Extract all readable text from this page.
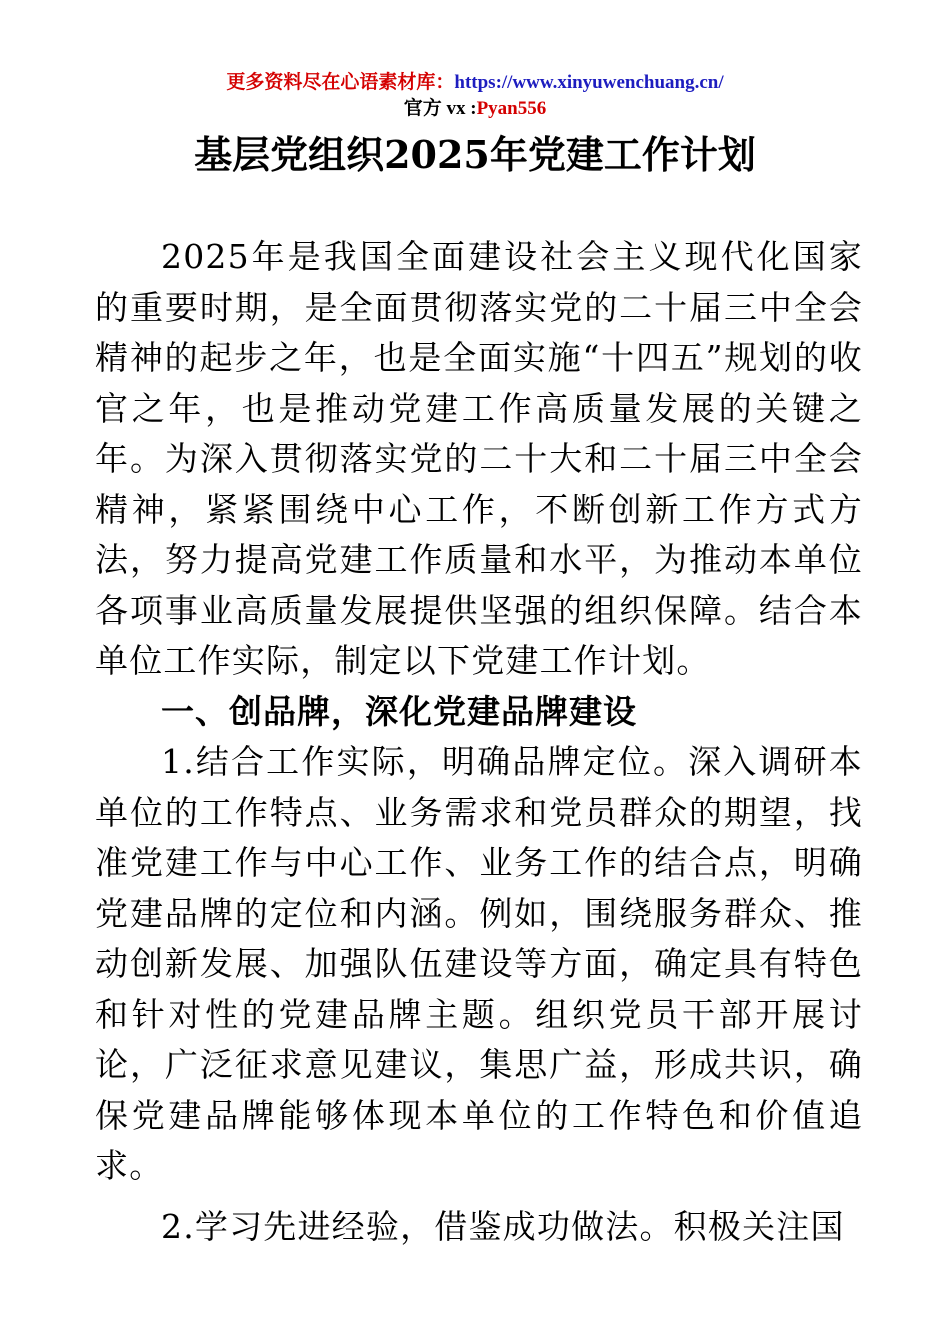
更多资料尽在心语素材库：https://www.xinyuwenchuang.cn/
官方 vx :Pyan556
基层党组织2025年党建工作计划

2025年是我国全面建设社会主义现代化国家的重要时期，是全面贯彻落实党的二十届三中全会精神的起步之年，也是全面实施“十四五”规划的收官之年，也是推动党建工作高质量发展的关键之年。为深入贯彻落实党的二十大和二十届三中全会精神，紧紧围绕中心工作，不断创新工作方式方法，努力提高党建工作质量和水平，为推动本单位各项事业高质量发展提供坚强的组织保障。结合本单位工作实际，制定以下党建工作计划。

一、创品牌，深化党建品牌建设

1.结合工作实际，明确品牌定位。深入调研本单位的工作特点、业务需求和党员群众的期望，找准党建工作与中心工作、业务工作的结合点，明确党建品牌的定位和内涵。例如，围绕服务群众、推动创新发展、加强队伍建设等方面，确定具有特色和针对性的党建品牌主题。组织党员干部开展讨论，广泛征求意见建议，集思广益，形成共识，确保党建品牌能够体现本单位的工作特色和价值追求。

2.学习先进经验，借鉴成功做法。积极关注国
